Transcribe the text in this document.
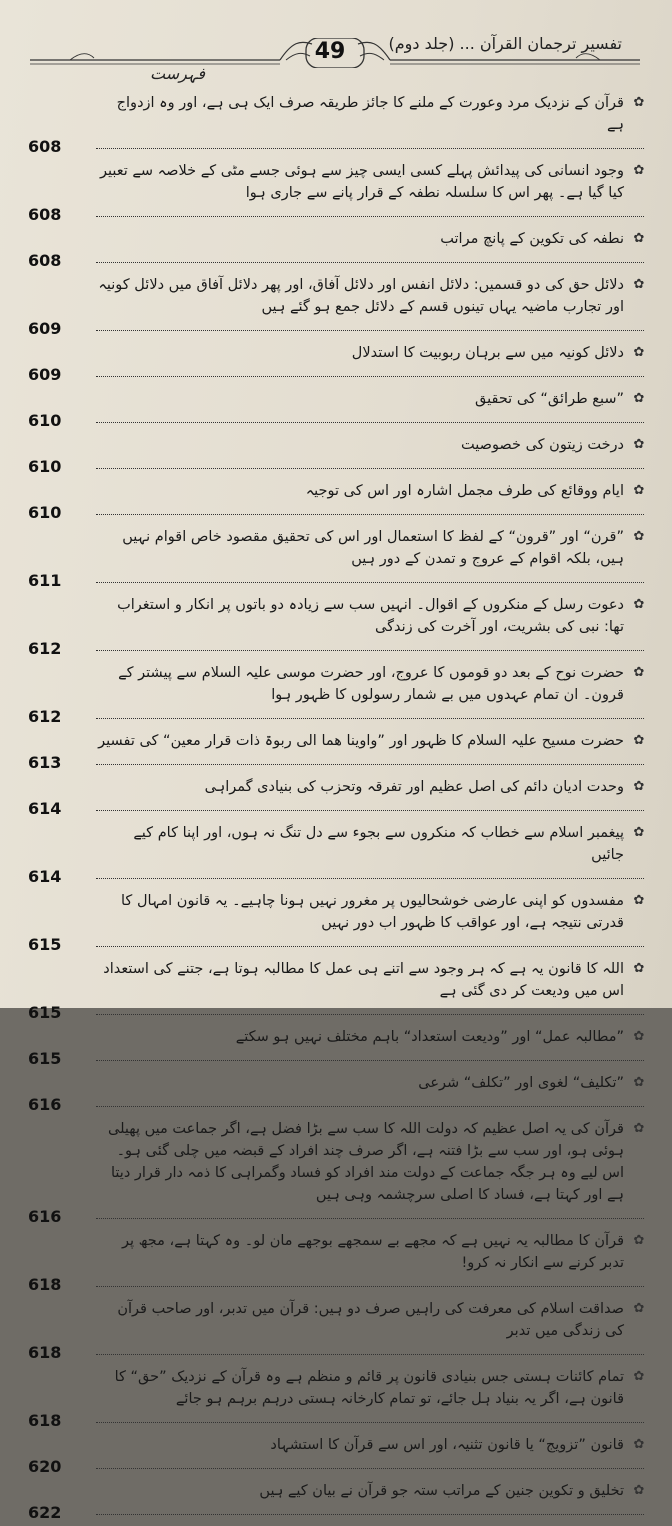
تفسیر ترجمان القرآن ... (جلد دوم)
49
فہرست
✿
قرآن کے نزدیک مرد وعورت کے ملنے کا جائز طریقہ صرف ایک ہی ہے، اور وہ ازدواج ہے
608
✿
وجود انسانی کی پیدائش پہلے کسی ایسی چیز سے ہوئی جسے مٹی کے خلاصہ سے تعبیر کیا گیا ہے۔ پھر اس کا سلسلہ نطفہ کے قرار پانے سے جاری ہوا
608
✿
نطفہ کی تکوین کے پانچ مراتب
608
✿
دلائل حق کی دو قسمیں: دلائل انفس اور دلائل آفاق، اور پھر دلائل آفاق میں دلائل کونیہ اور تجارب ماضیہ یہاں تینوں قسم کے دلائل جمع ہو گئے ہیں
609
✿
دلائل کونیہ میں سے برہان ربوبیت کا استدلال
609
✿
”سبع طرائق“ کی تحقیق
610
✿
درخت زیتون کی خصوصیت
610
✿
ایام ووقائع کی طرف مجمل اشارہ اور اس کی توجیہ
610
✿
”قرن“ اور ”قرون“ کے لفظ کا استعمال اور اس کی تحقیق مقصود خاص اقوام نہیں ہیں، بلکہ اقوام کے عروج و تمدن کے دور ہیں
611
✿
دعوت رسل کے منکروں کے اقوال۔ انہیں سب سے زیادہ دو باتوں پر انکار و استغراب تھا: نبی کی بشریت، اور آخرت کی زندگی
612
✿
حضرت نوح کے بعد دو قوموں کا عروج، اور حضرت موسی علیہ السلام سے پیشتر کے قرون۔ ان تمام عہدوں میں بے شمار رسولوں کا ظہور ہوا
612
✿
حضرت مسیح علیہ السلام کا ظہور اور ”واوینا ھما الی ربوۃ ذات قرار معین“ کی تفسیر
613
✿
وحدت ادیان دائم کی اصل عظیم اور تفرقہ وتحزب کی بنیادی گمراہی
614
✿
پیغمبر اسلام سے خطاب کہ منکروں سے بجوء سے دل تنگ نہ ہوں، اور اپنا کام کیے جائیں
614
✿
مفسدوں کو اپنی عارضی خوشحالیوں پر مغرور نہیں ہونا چاہیے۔ یہ قانون امہال کا قدرتی نتیجہ ہے، اور عواقب کا ظہور اب دور نہیں
615
✿
اللہ کا قانون یہ ہے کہ ہر وجود سے اتنے ہی عمل کا مطالبہ ہوتا ہے، جتنے کی استعداد اس میں ودیعت کر دی گئی ہے
615
✿
”مطالبہ عمل“ اور ”ودیعت استعداد“ باہم مختلف نہیں ہو سکتے
615
✿
”تکلیف“ لغوی اور ”تکلف“ شرعی
616
✿
قرآن کی یہ اصل عظیم کہ دولت اللہ کا سب سے بڑا فضل ہے، اگر جماعت میں پھیلی ہوئی ہو، اور سب سے بڑا فتنہ ہے، اگر صرف چند افراد کے قبضہ میں چلی گئی ہو۔ اس لیے وہ ہر جگہ جماعت کے دولت مند افراد کو فساد وگمراہی کا ذمہ دار قرار دیتا ہے اور کہتا ہے، فساد کا اصلی سرچشمہ وہی ہیں
616
✿
قرآن کا مطالبہ یہ نہیں ہے کہ مجھے بے سمجھے بوجھے مان لو۔ وہ کہتا ہے، مجھ پر تدبر کرنے سے انکار نہ کرو!
618
✿
صداقت اسلام کی معرفت کی راہیں صرف دو ہیں: قرآن میں تدبر، اور صاحب قرآن کی زندگی میں تدبر
618
✿
تمام کائنات ہستی جس بنیادی قانون پر قائم و منظم ہے وہ قرآن کے نزدیک ”حق“ کا قانون ہے، اگر یہ بنیاد ہل جائے، تو تمام کارخانہ ہستی درہم برہم ہو جائے
618
✿
قانون ”تزویج“ یا قانون تثنیہ، اور اس سے قرآن کا استشہاد
620
✿
تخلیق و تکوین جنین کے مراتب ستہ جو قرآن نے بیان کیے ہیں
622
